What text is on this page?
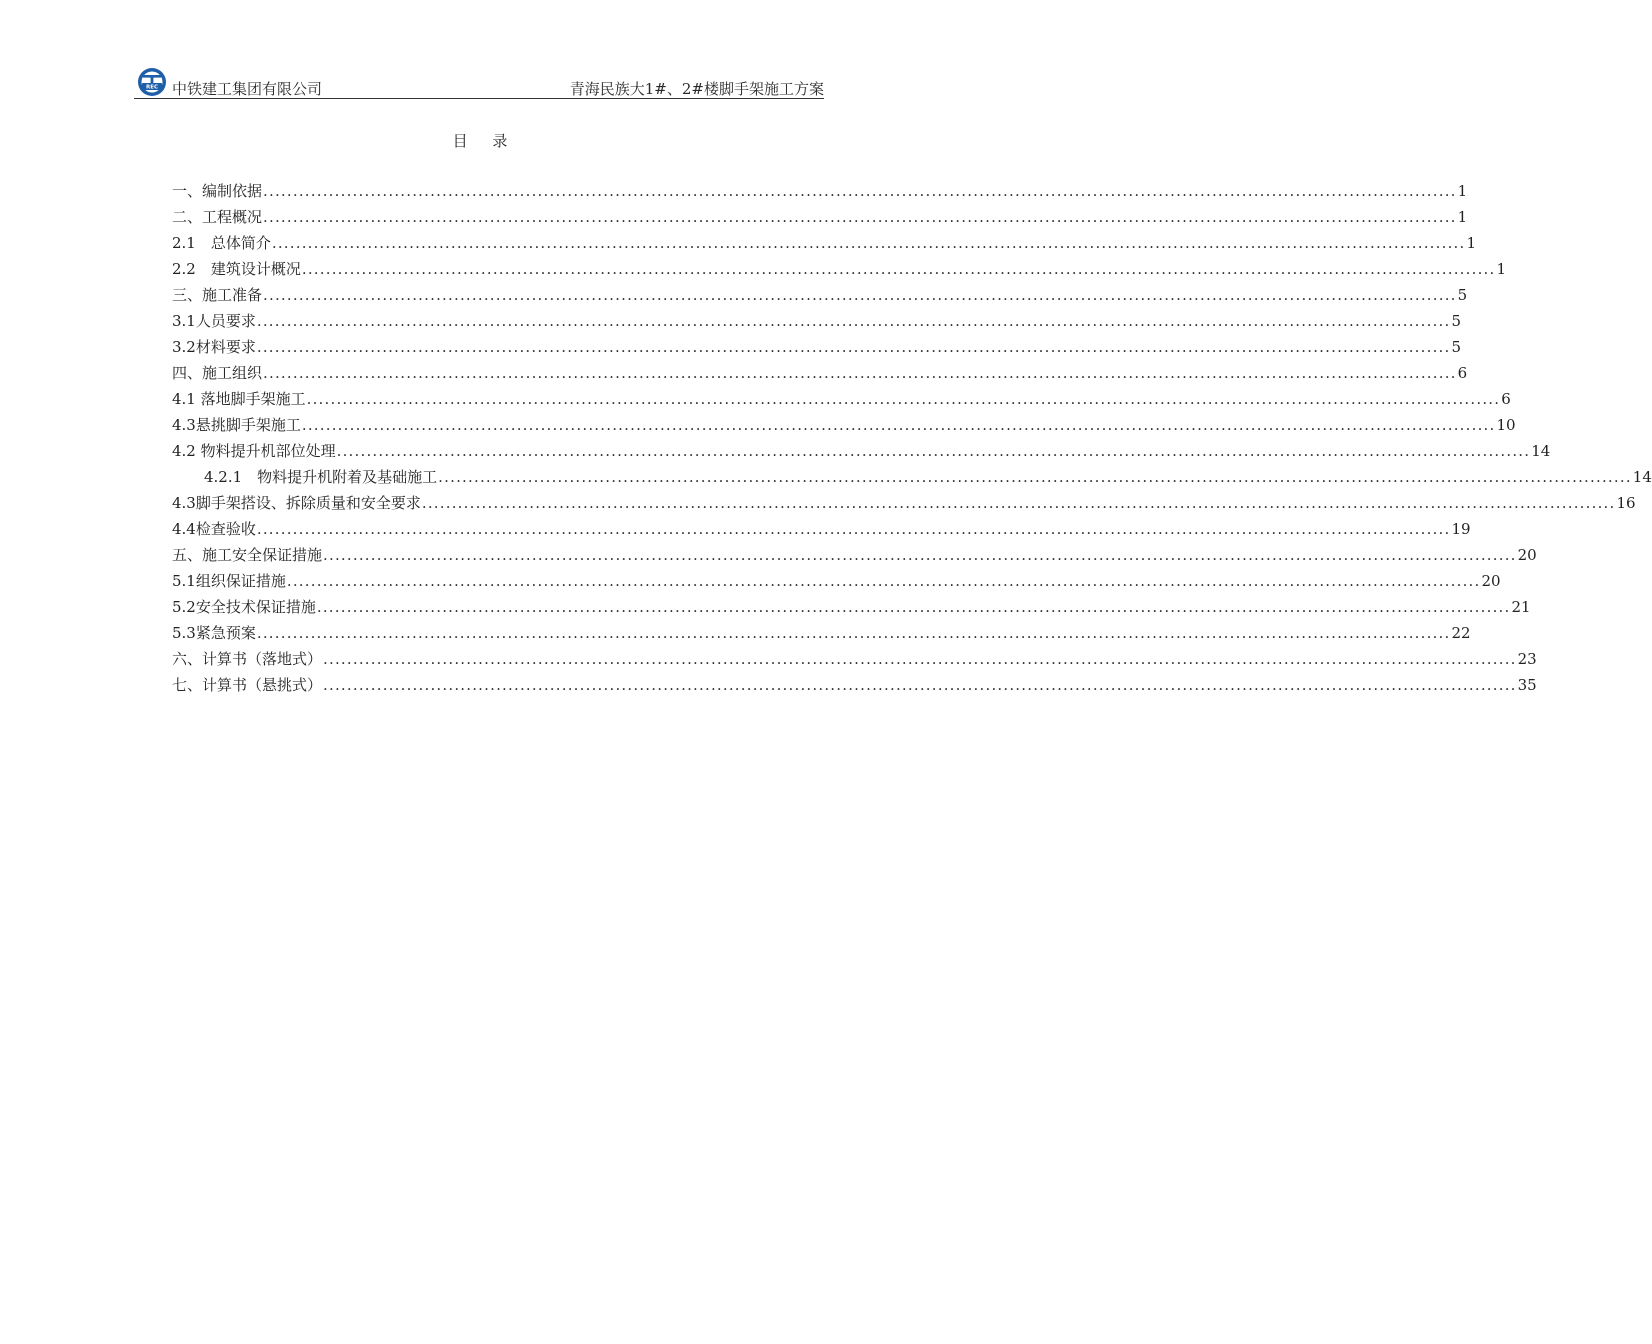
REC 中铁建工集团有限公司	青海民族大1#、2#楼脚手架施工方案
目 录
一、编制依据 ........................................................................................................................................................................................................ 1
二、工程概况 ........................................................................................................................................................................................................ 1
2.1　总体简介 ........................................................................................................................................................................................................ 1
2.2　建筑设计概况 ........................................................................................................................................................................................................ 1
三、施工准备 ........................................................................................................................................................................................................ 5
3.1人员要求 ........................................................................................................................................................................................................ 5
3.2材料要求 ........................................................................................................................................................................................................ 5
四、施工组织 ........................................................................................................................................................................................................ 6
4.1 落地脚手架施工 ........................................................................................................................................................................................................ 6
4.3悬挑脚手架施工 ........................................................................................................................................................................................................ 10
4.2 物料提升机部位处理 ........................................................................................................................................................................................................ 14
4.2.1　物料提升机附着及基础施工 ........................................................................................................................................................................................................ 14
4.3脚手架搭设、拆除质量和安全要求 ........................................................................................................................................................................................................ 16
4.4检查验收 ........................................................................................................................................................................................................ 19
五、施工安全保证措施 ........................................................................................................................................................................................................ 20
5.1组织保证措施 ........................................................................................................................................................................................................ 20
5.2安全技术保证措施 ........................................................................................................................................................................................................ 21
5.3紧急预案 ........................................................................................................................................................................................................ 22
六、计算书（落地式） ........................................................................................................................................................................................................ 23
七、计算书（悬挑式） ........................................................................................................................................................................................................ 35
